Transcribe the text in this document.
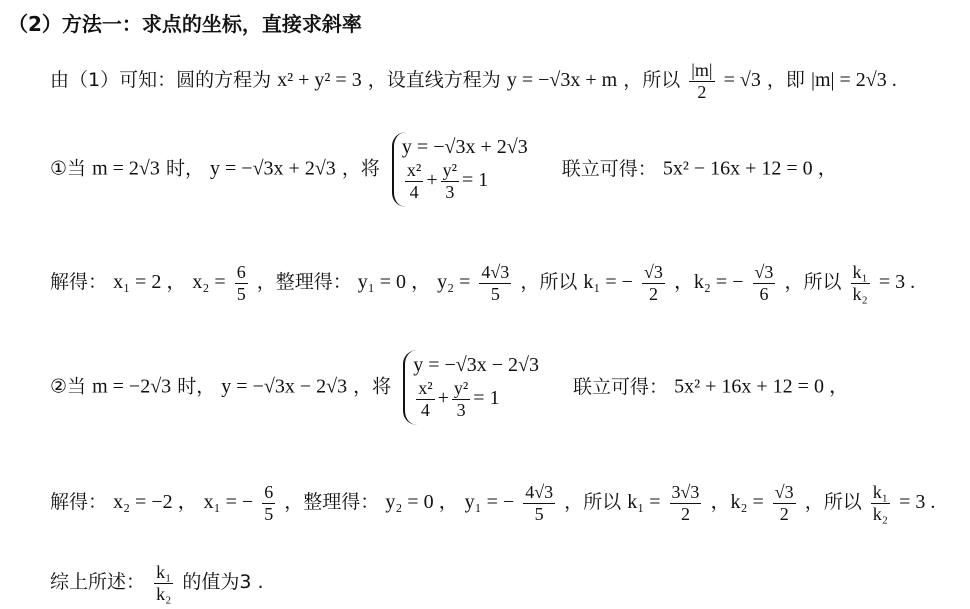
（2）方法一：求点的坐标，直接求斜率
由（1）可知：圆的方程为 x² + y² = 3 ，设直线方程为 y = −√3x + m ，所以 $\frac{|m|}{2} = √3$ ，即 |m| = 2√3 .
①当 m = 2√3 时， y = −√3x + 2√3 ，将
y = −√3x + 2√3
$\frac{\text{x²}}{4} + \frac{\text{y²}}{3} = 1$
联立可得： 5x² − 16x + 12 = 0 ，
解得： x₁ = 2 ， $x_2 = \frac{6}{5}$ ，整理得： y₁ = 0 ， $y_2 = \frac{4√3}{5}$ ，所以 k₁ = − $\frac{√3}{2}$ ，k₂ = − $\frac{√3}{6}$ ，所以 $\frac{\text{k₁}}{\text{k₂}} = 3$ .
②当 m = −2√3 时， y = −√3x − 2√3 ，将
y = −√3x − 2√3
$\frac{\text{x²}}{4} + \frac{\text{y²}}{3} = 1$
联立可得： 5x² + 16x + 12 = 0 ，
解得： x₂ = −2 ， x₁ = − $\frac{6}{5}$ ，整理得： y₂ = 0 ， y₁ = − $\frac{4√3}{5}$ ，所以 $k_1 = \frac{3√3}{2}$ ，$k_2 = \frac{√3}{2}$ ，所以 $\frac{\text{k₁}}{\text{k₂}} = 3$ .
综上所述： $\frac{\text{k₁}}{\text{k₂}}$ 的值为3 .
